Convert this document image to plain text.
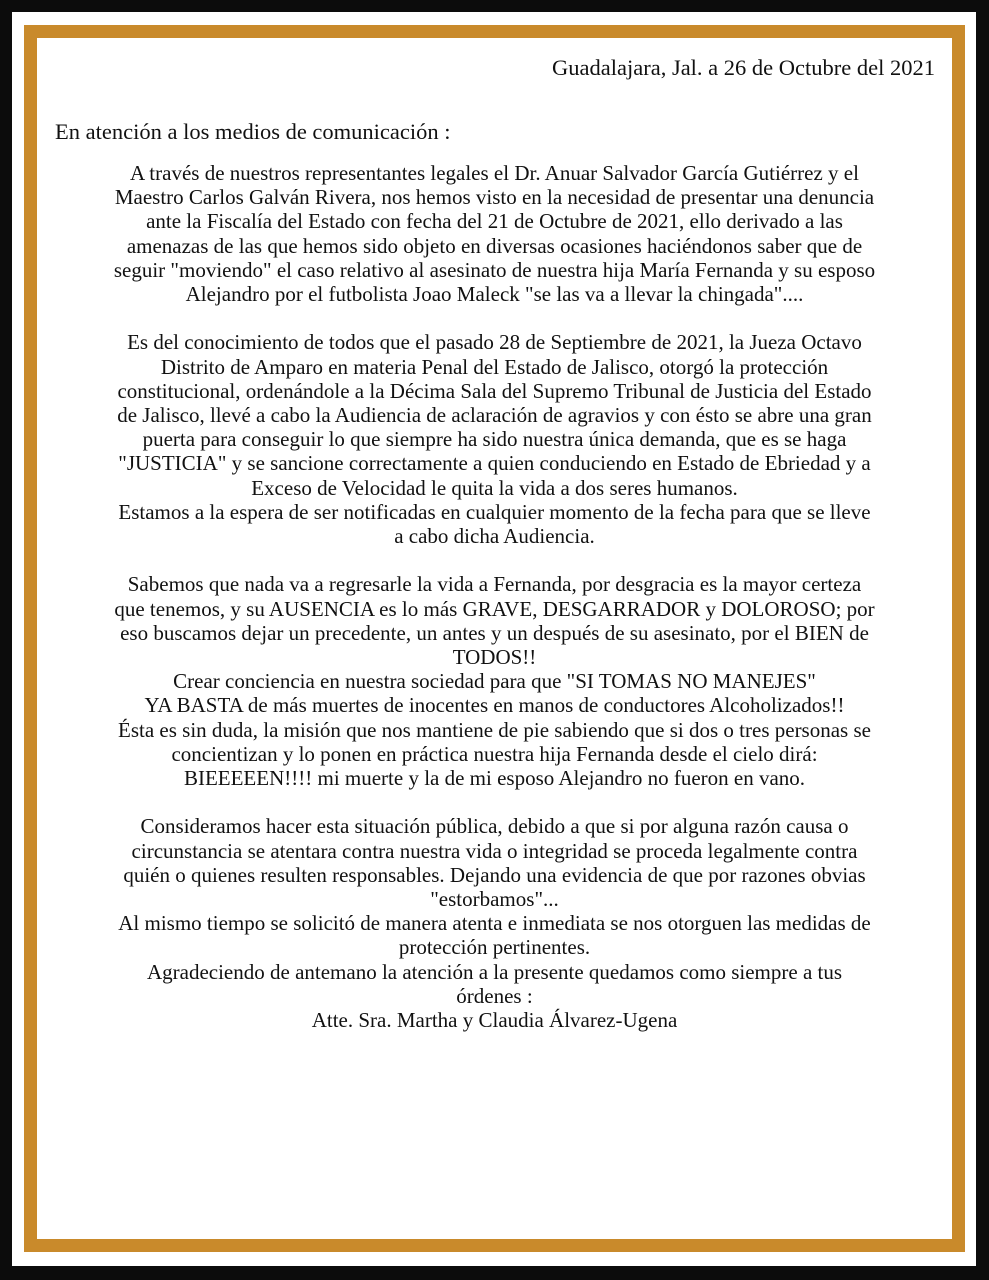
Guadalajara, Jal. a 26 de Octubre del 2021
En atención a los medios de comunicación :
A través de nuestros representantes legales el Dr. Anuar Salvador García Gutiérrez y el
Maestro Carlos Galván Rivera, nos hemos visto en la necesidad de presentar una denuncia
ante la Fiscalía del Estado con fecha del 21 de Octubre de 2021, ello derivado a las
amenazas de las que hemos sido objeto en diversas ocasiones haciéndonos saber que de
seguir "moviendo" el caso relativo al asesinato de nuestra hija María Fernanda y su esposo
Alejandro por el futbolista Joao Maleck "se las va a llevar la chingada"....
Es del conocimiento de todos que el pasado 28 de Septiembre de 2021, la Jueza Octavo
Distrito de Amparo en materia Penal del Estado de Jalisco, otorgó la protección
constitucional, ordenándole a la Décima Sala del Supremo Tribunal de Justicia del Estado
de Jalisco, llevé a cabo la Audiencia de aclaración de agravios y con ésto se abre una gran
puerta para conseguir lo que siempre ha sido nuestra única demanda, que es se haga
"JUSTICIA" y se sancione correctamente a quien conduciendo en Estado de Ebriedad y a
Exceso de Velocidad le quita la vida a dos seres humanos.
Estamos a la espera de ser notificadas en cualquier momento de la fecha para que se lleve
a cabo dicha Audiencia.
Sabemos que nada va a regresarle la vida a Fernanda, por desgracia es la mayor certeza
que tenemos, y su AUSENCIA es lo más GRAVE, DESGARRADOR y DOLOROSO; por
eso buscamos dejar un precedente, un antes y un después de su asesinato, por el BIEN de
TODOS!!
Crear conciencia en nuestra sociedad para que "SI TOMAS NO MANEJES"
YA BASTA de más muertes de inocentes en manos de conductores Alcoholizados!!
Ésta es sin duda, la misión que nos mantiene de pie sabiendo que si dos o tres personas se
concientizan y lo ponen en práctica nuestra hija Fernanda desde el cielo dirá:
BIEEEEEN!!!! mi muerte y la de mi esposo Alejandro no fueron en vano.
Consideramos hacer esta situación pública, debido a que si por alguna razón causa o
circunstancia se atentara contra nuestra vida o integridad se proceda legalmente contra
quién o quienes resulten responsables. Dejando una evidencia de que por razones obvias
"estorbamos"...
Al mismo tiempo se solicitó de manera atenta e inmediata se nos otorguen las medidas de
protección pertinentes.
Agradeciendo de antemano la atención a la presente quedamos como siempre a tus
órdenes :
Atte. Sra. Martha y Claudia Álvarez-Ugena
